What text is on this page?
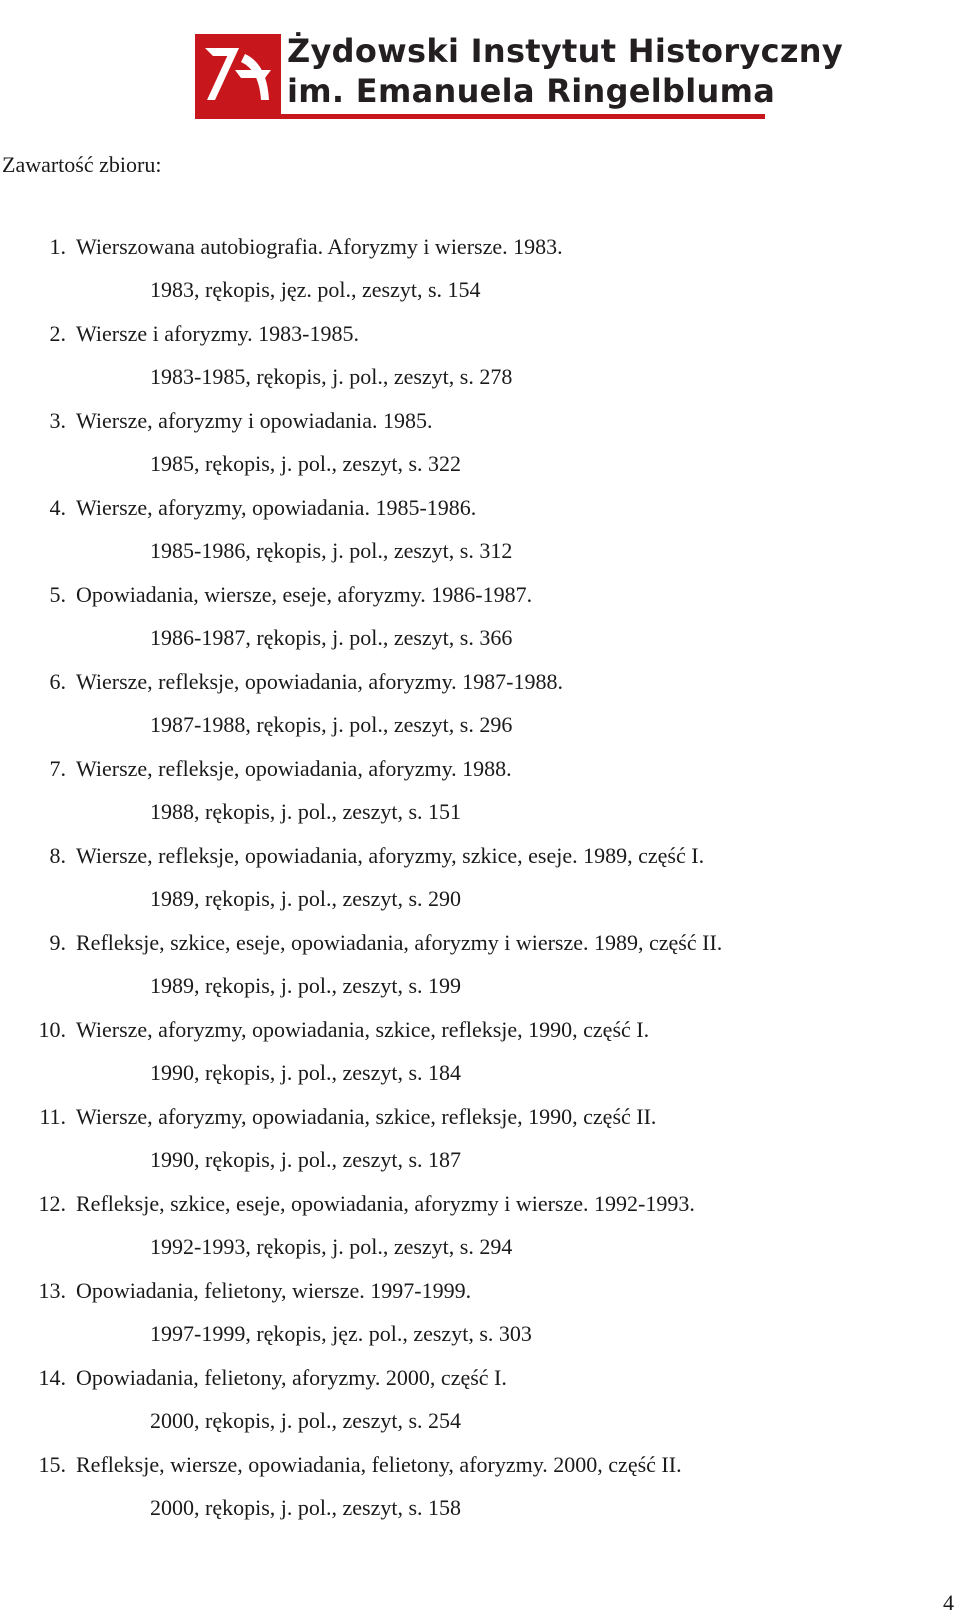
Żydowski Instytut Historyczny
im. Emanuela Ringelbluma
Zawartość zbioru:
1. Wierszowana autobiografia. Aforyzmy i wiersze. 1983.
1983, rękopis, jęz. pol., zeszyt, s. 154
2. Wiersze i aforyzmy. 1983-1985.
1983-1985, rękopis, j. pol., zeszyt, s. 278
3. Wiersze, aforyzmy i opowiadania. 1985.
1985, rękopis, j. pol., zeszyt, s. 322
4. Wiersze, aforyzmy, opowiadania. 1985-1986.
1985-1986, rękopis, j. pol., zeszyt, s. 312
5. Opowiadania, wiersze, eseje, aforyzmy. 1986-1987.
1986-1987, rękopis, j. pol., zeszyt, s. 366
6. Wiersze, refleksje, opowiadania, aforyzmy. 1987-1988.
1987-1988, rękopis, j. pol., zeszyt, s. 296
7. Wiersze, refleksje, opowiadania, aforyzmy. 1988.
1988, rękopis, j. pol., zeszyt, s. 151
8. Wiersze, refleksje, opowiadania, aforyzmy, szkice, eseje. 1989, część I.
1989, rękopis, j. pol., zeszyt, s. 290
9. Refleksje, szkice, eseje, opowiadania, aforyzmy i wiersze. 1989, część II.
1989, rękopis, j. pol., zeszyt, s. 199
10. Wiersze, aforyzmy, opowiadania, szkice, refleksje, 1990, część I.
1990, rękopis, j. pol., zeszyt, s. 184
11. Wiersze, aforyzmy, opowiadania, szkice, refleksje, 1990, część II.
1990, rękopis, j. pol., zeszyt, s. 187
12. Refleksje, szkice, eseje, opowiadania, aforyzmy i wiersze. 1992-1993.
1992-1993, rękopis, j. pol., zeszyt, s. 294
13. Opowiadania, felietony, wiersze. 1997-1999.
1997-1999, rękopis, jęz. pol., zeszyt, s. 303
14. Opowiadania, felietony, aforyzmy. 2000, część I.
2000, rękopis, j. pol., zeszyt, s. 254
15. Refleksje, wiersze, opowiadania, felietony, aforyzmy. 2000, część II.
2000, rękopis, j. pol., zeszyt, s. 158
4
